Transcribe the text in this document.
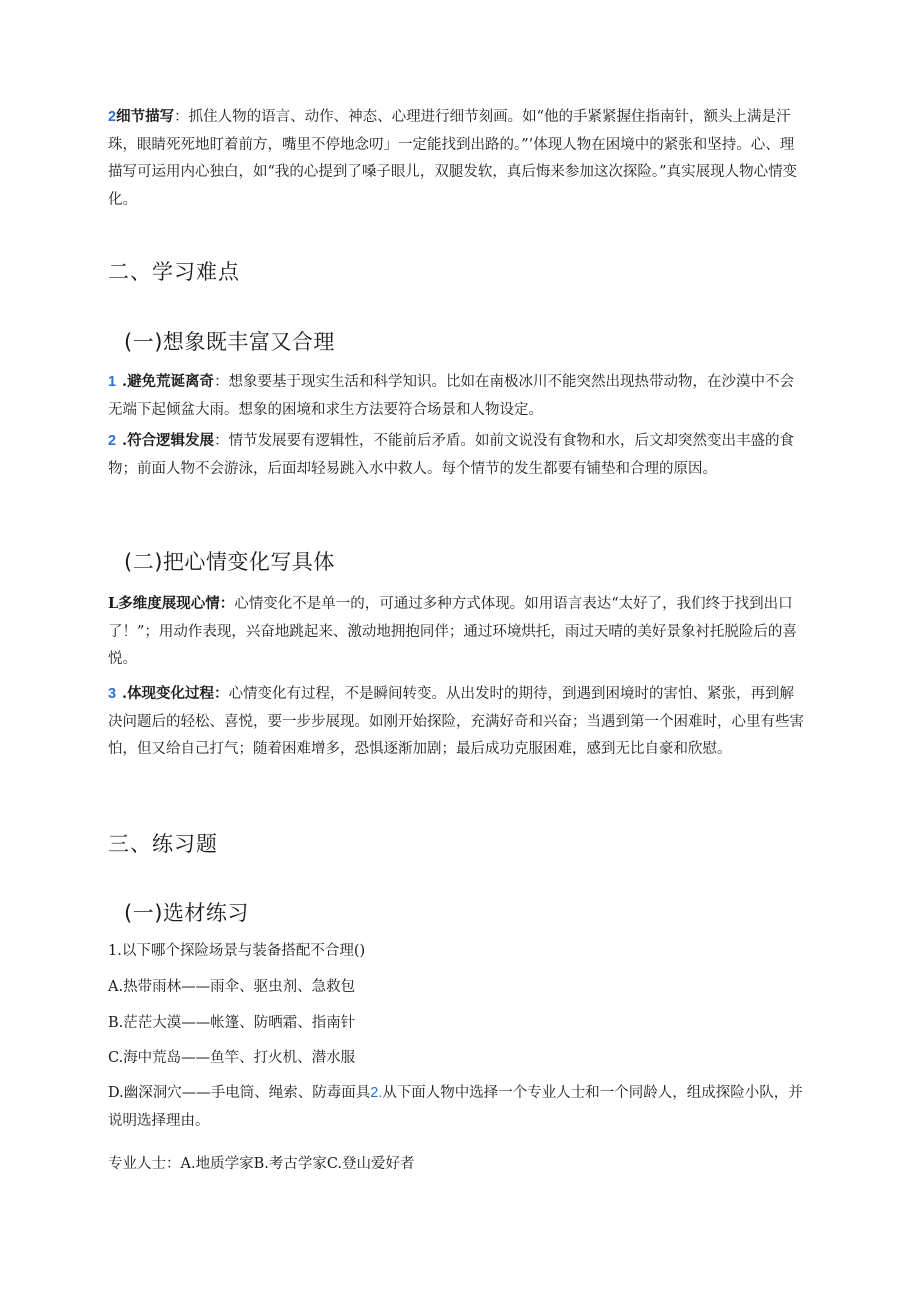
2细节描写：抓住人物的语言、动作、神态、心理进行细节刻画。如“他的手紧紧握住指南针，额头上满是汗珠，眼睛死死地盯着前方，嘴里不停地念叨」一定能找到出路的。”’体现人物在困境中的紧张和坚持。心、理描写可运用内心独白，如“我的心提到了嗓子眼儿，双腿发软，真后悔来参加这次探险。”真实展现人物心情变化。
二、学习难点
(一)想象既丰富又合理
1 .避免荒诞离奇：想象要基于现实生活和科学知识。比如在南极冰川不能突然出现热带动物，在沙漠中不会无端下起倾盆大雨。想象的困境和求生方法要符合场景和人物设定。
2 .符合逻辑发展：情节发展要有逻辑性，不能前后矛盾。如前文说没有食物和水，后文却突然变出丰盛的食物；前面人物不会游泳，后面却轻易跳入水中救人。每个情节的发生都要有铺垫和合理的原因。
(二)把心情变化写具体
L多维度展现心情：心情变化不是单一的，可通过多种方式体现。如用语言表达“太好了，我们终于找到出口了！”；用动作表现，兴奋地跳起来、激动地拥抱同伴；通过环境烘托，雨过天晴的美好景象衬托脱险后的喜悦。
3 .体现变化过程：心情变化有过程，不是瞬间转变。从出发时的期待，到遇到困境时的害怕、紧张，再到解决问题后的轻松、喜悦，要一步步展现。如刚开始探险，充满好奇和兴奋；当遇到第一个困难时，心里有些害怕，但又给自己打气；随着困难增多，恐惧逐渐加剧；最后成功克服困难，感到无比自豪和欣慰。
三、练习题
(一)选材练习
1.以下哪个探险场景与装备搭配不合理()
A.热带雨林——雨伞、驱虫剂、急救包
B.茫茫大漠——帐篷、防晒霜、指南针
C.海中荒岛——鱼竿、打火机、潜水服
D.幽深洞穴——手电筒、绳索、防毒面具2.从下面人物中选择一个专业人士和一个同龄人，组成探险小队，并说明选择理由。
专业人士：A.地质学家B.考古学家C.登山爱好者
